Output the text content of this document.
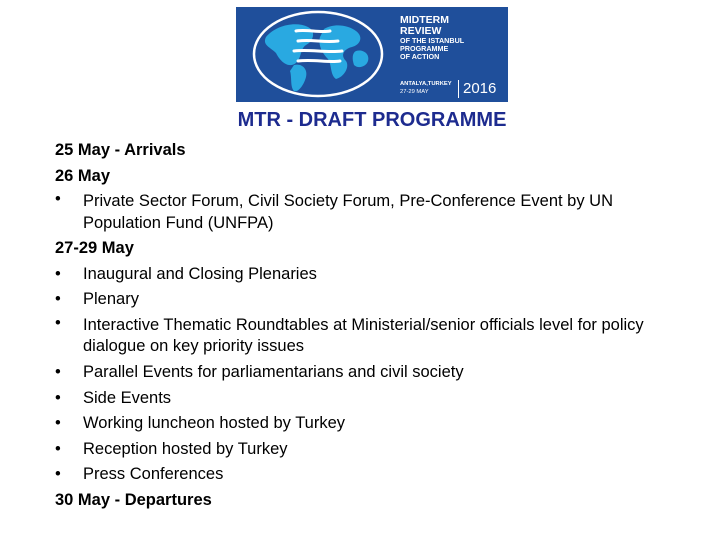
MIDTERM
REVIEW
OF THE ISTANBUL
PROGRAMME
OF ACTION
ANTALYA,TURKEY
27-29 MAY 2016
MTR - DRAFT PROGRAMME

25 May - Arrivals

26 May

• Private Sector Forum, Civil Society Forum, Pre-Conference Event by UN Population Fund (UNFPA)

27-29 May

• Inaugural and Closing Plenaries

• Plenary

• Interactive Thematic Roundtables at Ministerial/senior officials level for policy dialogue on key priority issues

• Parallel Events for parliamentarians and civil society

• Side Events

• Working luncheon hosted by Turkey

• Reception hosted by Turkey

• Press Conferences

30 May - Departures
